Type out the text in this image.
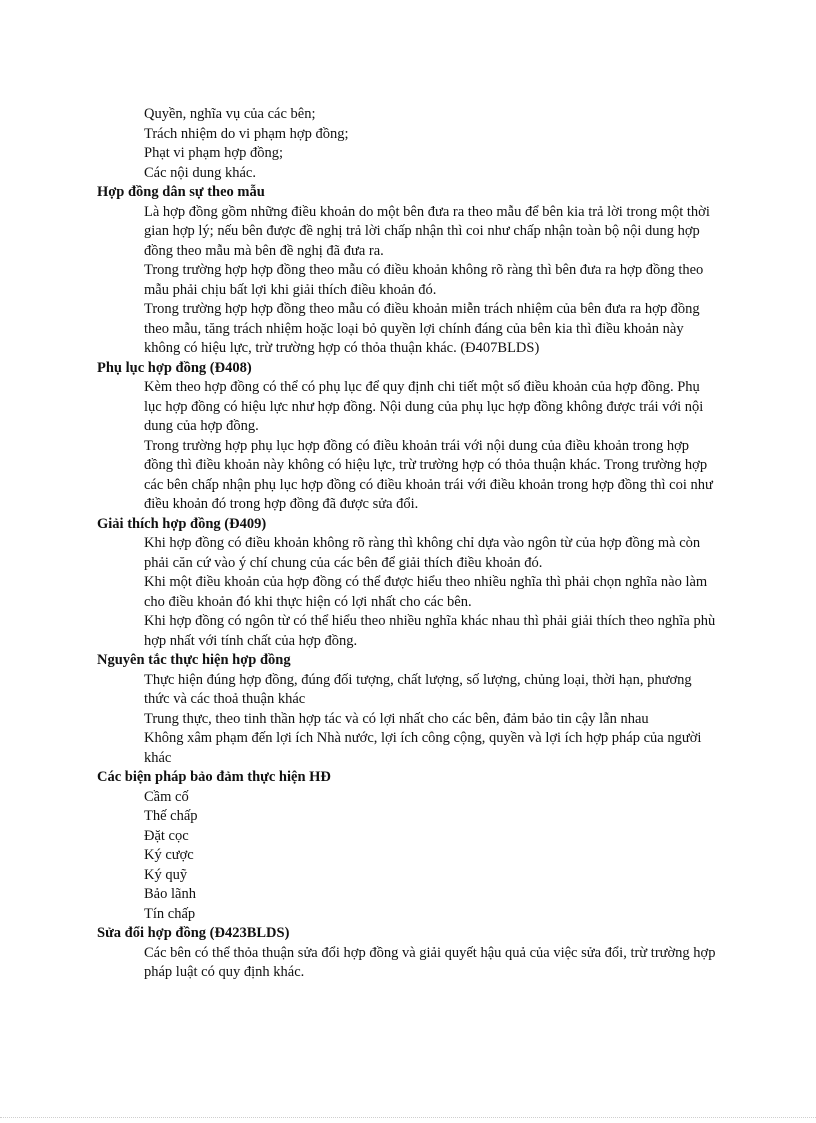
Quyền, nghĩa vụ của các bên;
Trách nhiệm do vi phạm hợp đồng;
Phạt vi phạm hợp đồng;
Các nội dung khác.
Hợp đồng dân sự theo mẫu
Là hợp đồng gồm những điều khoản do một bên đưa ra theo mẫu để bên kia trả lời trong một thời gian hợp lý; nếu bên được đề nghị trả lời chấp nhận thì coi như chấp nhận toàn bộ nội dung hợp đồng theo mẫu mà bên đề nghị đã đưa ra.
Trong trường hợp hợp đồng theo mẫu có điều khoản không rõ ràng thì bên đưa ra hợp đồng theo mẫu phải chịu bất lợi khi giải thích điều khoản đó.
Trong trường hợp hợp đồng theo mẫu có điều khoản miễn trách nhiệm của bên đưa ra hợp đồng theo mẫu, tăng trách nhiệm hoặc loại bỏ quyền lợi chính đáng của bên kia thì điều khoản này không có hiệu lực, trừ trường hợp có thỏa thuận khác. (Đ407BLDS)
Phụ lục hợp đồng (Đ408)
Kèm theo hợp đồng có thể có phụ lục để quy định chi tiết một số điều khoản của hợp đồng. Phụ lục hợp đồng có hiệu lực như hợp đồng. Nội dung của phụ lục hợp đồng không được trái với nội dung của hợp đồng.
Trong trường hợp phụ lục hợp đồng có điều khoản trái với nội dung của điều khoản trong hợp đồng thì điều khoản này không có hiệu lực, trừ trường hợp có thỏa thuận khác. Trong trường hợp các bên chấp nhận phụ lục hợp đồng có điều khoản trái với điều khoản trong hợp đồng thì coi như điều khoản đó trong hợp đồng đã được sửa đổi.
Giải thích hợp đồng (Đ409)
Khi hợp đồng có điều khoản không rõ ràng thì không chỉ dựa vào ngôn từ của hợp đồng mà còn phải căn cứ vào ý chí chung của các bên để giải thích điều khoản đó.
Khi một điều khoản của hợp đồng có thể được hiểu theo nhiều nghĩa thì phải chọn nghĩa nào làm cho điều khoản đó khi thực hiện có lợi nhất cho các bên.
Khi hợp đồng có ngôn từ có thể hiểu theo nhiều nghĩa khác nhau thì phải giải thích theo nghĩa phù hợp nhất với tính chất của hợp đồng.
Nguyên tắc thực hiện hợp đồng
Thực hiện đúng hợp đồng, đúng đối tượng, chất lượng, số lượng, chủng loại, thời hạn, phương thức và các thoả thuận khác
Trung thực, theo tinh thần hợp tác và có lợi nhất cho các bên, đảm bảo tin cậy lẫn nhau
Không xâm phạm đến lợi ích Nhà nước, lợi ích công cộng, quyền và lợi ích hợp pháp của người khác
Các biện pháp bảo đảm thực hiện HĐ
Cầm cố
Thế chấp
Đặt cọc
Ký cược
Ký quỹ
Bảo lãnh
Tín chấp
Sửa đổi hợp đồng (Đ423BLDS)
Các bên có thể thỏa thuận sửa đổi hợp đồng và giải quyết hậu quả của việc sửa đổi, trừ trường hợp pháp luật có quy định khác.
